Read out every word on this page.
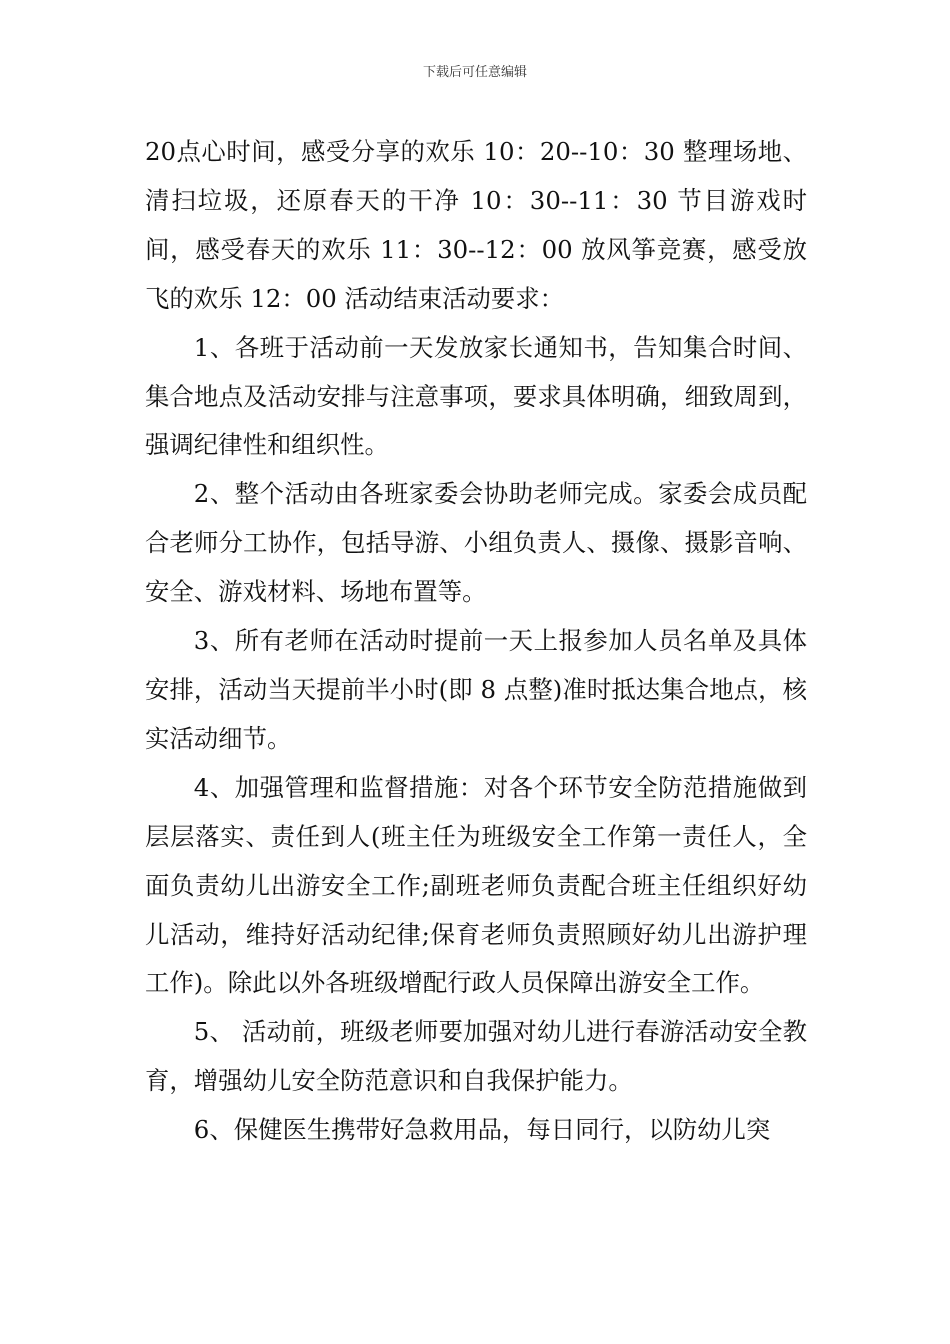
下载后可任意编辑

20点心时间，感受分享的欢乐 10：20--10：30 整理场地、清扫垃圾，还原春天的干净 10：30--11：30 节目游戏时间，感受春天的欢乐 11：30--12：00 放风筝竞赛，感受放飞的欢乐 12：00 活动结束活动要求：

1、各班于活动前一天发放家长通知书，告知集合时间、集合地点及活动安排与注意事项，要求具体明确，细致周到，强调纪律性和组织性。

2、整个活动由各班家委会协助老师完成。家委会成员配合老师分工协作，包括导游、小组负责人、摄像、摄影音响、安全、游戏材料、场地布置等。

3、所有老师在活动时提前一天上报参加人员名单及具体安排，活动当天提前半小时(即 8 点整)准时抵达集合地点，核实活动细节。

4、加强管理和监督措施：对各个环节安全防范措施做到层层落实、责任到人(班主任为班级安全工作第一责任人，全面负责幼儿出游安全工作;副班老师负责配合班主任组织好幼儿活动，维持好活动纪律;保育老师负责照顾好幼儿出游护理工作)。除此以外各班级增配行政人员保障出游安全工作。

5、 活动前，班级老师要加强对幼儿进行春游活动安全教育，增强幼儿安全防范意识和自我保护能力。

6、保健医生携带好急救用品，每日同行，以防幼儿突
